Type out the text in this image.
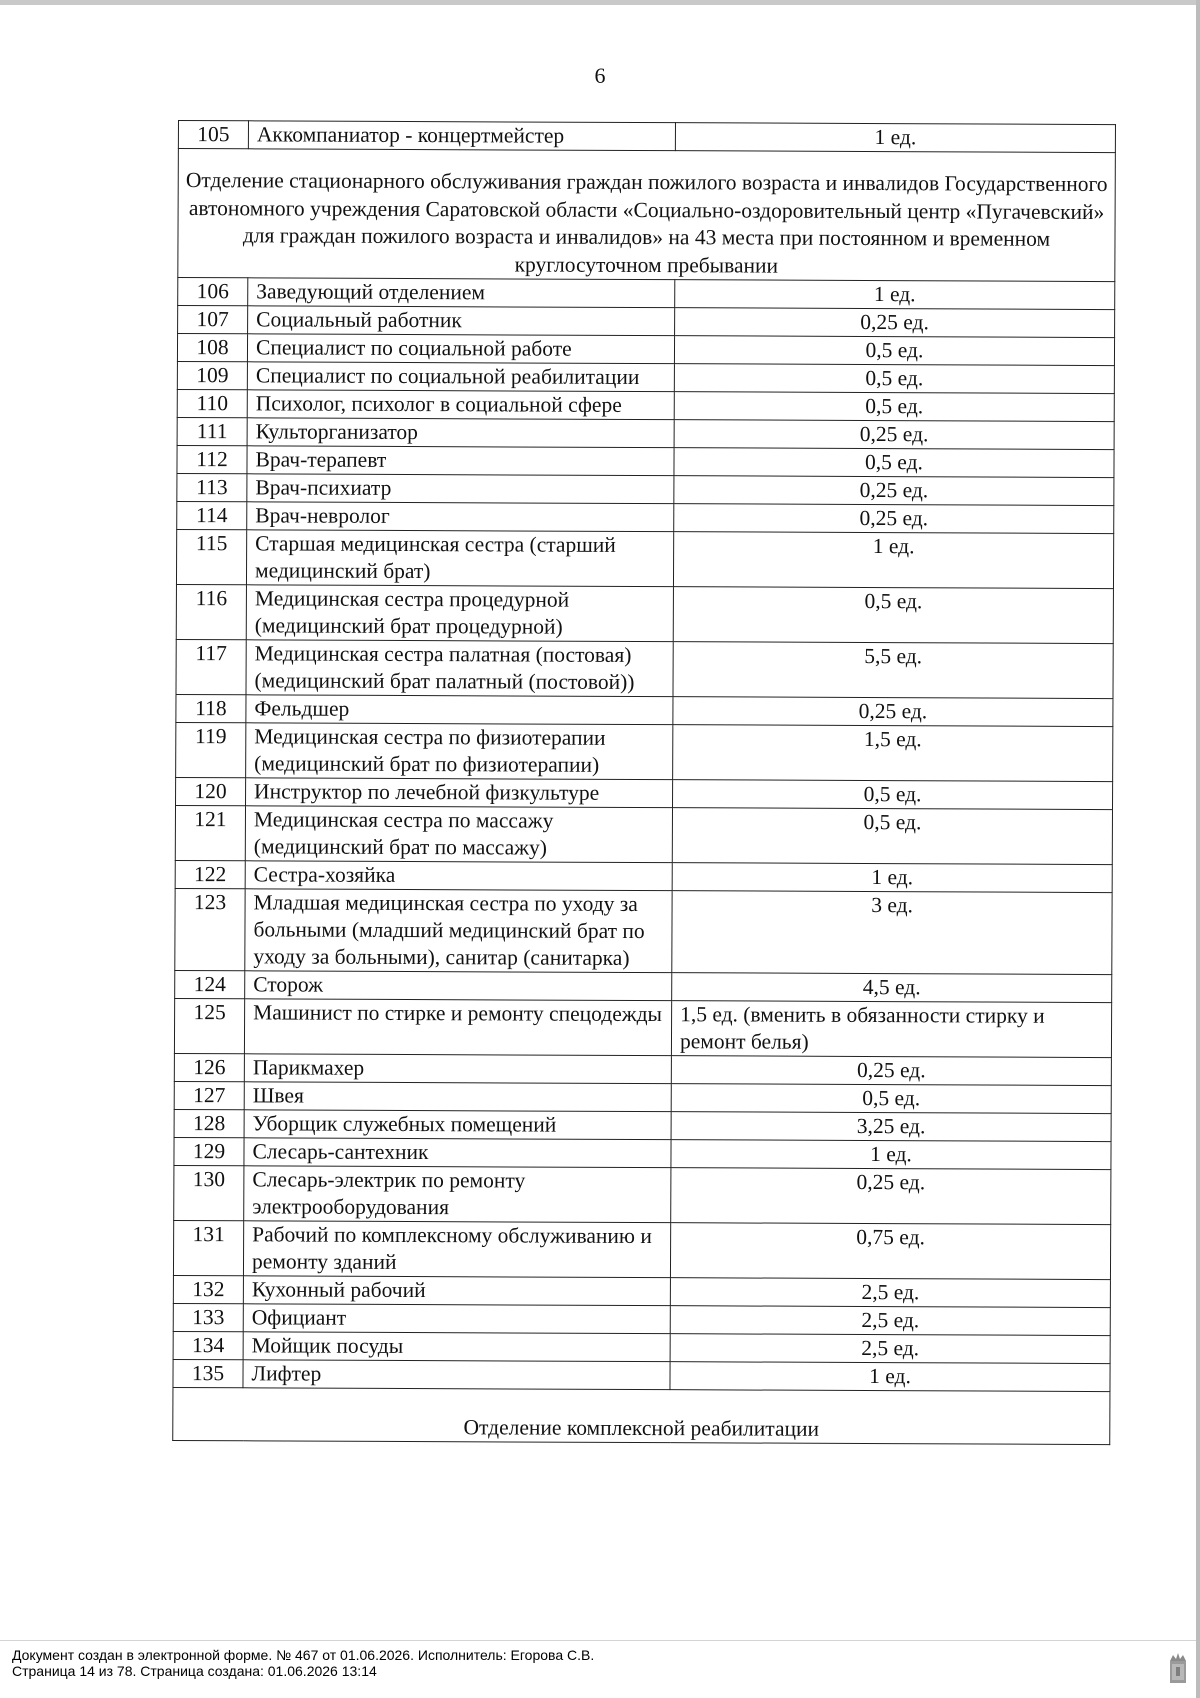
6
105	Аккомпаниатор - концертмейстер	1 ед.
Отделение стационарного обслуживания граждан пожилого возраста и инвалидов Государственного автономного учреждения Саратовской области «Социально-оздоровительный центр «Пугачевский» для граждан пожилого возраста и инвалидов» на 43 места при постоянном и временном круглосуточном пребывании		
106	Заведующий отделением	1 ед.
107	Социальный работник	0,25 ед.
108	Специалист по социальной работе	0,5 ед.
109	Специалист по социальной реабилитации	0,5 ед.
110	Психолог, психолог в социальной сфере	0,5 ед.
111	Культорганизатор	0,25 ед.
112	Врач-терапевт	0,5 ед.
113	Врач-психиатр	0,25 ед.
114	Врач-невролог	0,25 ед.
115	Старшая медицинская сестра (старший медицинский брат)	1 ед.
116	Медицинская сестра процедурной (медицинский брат процедурной)	0,5 ед.
117	Медицинская сестра палатная (постовая) (медицинский брат палатный (постовой))	5,5 ед.
118	Фельдшер	0,25 ед.
119	Медицинская сестра по физиотерапии (медицинский брат по физиотерапии)	1,5 ед.
120	Инструктор по лечебной физкультуре	0,5 ед.
121	Медицинская сестра по массажу (медицинский брат по массажу)	0,5 ед.
122	Сестра-хозяйка	1 ед.
123	Младшая медицинская сестра по уходу за больными (младший медицинский брат по уходу за больными), санитар (санитарка)	3 ед.
124	Сторож	4,5 ед.
125	Машинист по стирке и ремонту спецодежды	1,5 ед. (вменить в обязанности стирку и ремонт белья)
126	Парикмахер	0,25 ед.
127	Швея	0,5 ед.
128	Уборщик служебных помещений	3,25 ед.
129	Слесарь-сантехник	1 ед.
130	Слесарь-электрик по ремонту электрооборудования	0,25 ед.
131	Рабочий по комплексному обслуживанию и ремонту зданий	0,75 ед.
132	Кухонный рабочий	2,5 ед.
133	Официант	2,5 ед.
134	Мойщик посуды	2,5 ед.
135	Лифтер	1 ед.
Отделение комплексной реабилитации		
Документ создан в электронной форме. № 467 от 01.06.2026. Исполнитель: Егорова С.В.
Страница 14 из 78. Страница создана: 01.06.2026 13:14
